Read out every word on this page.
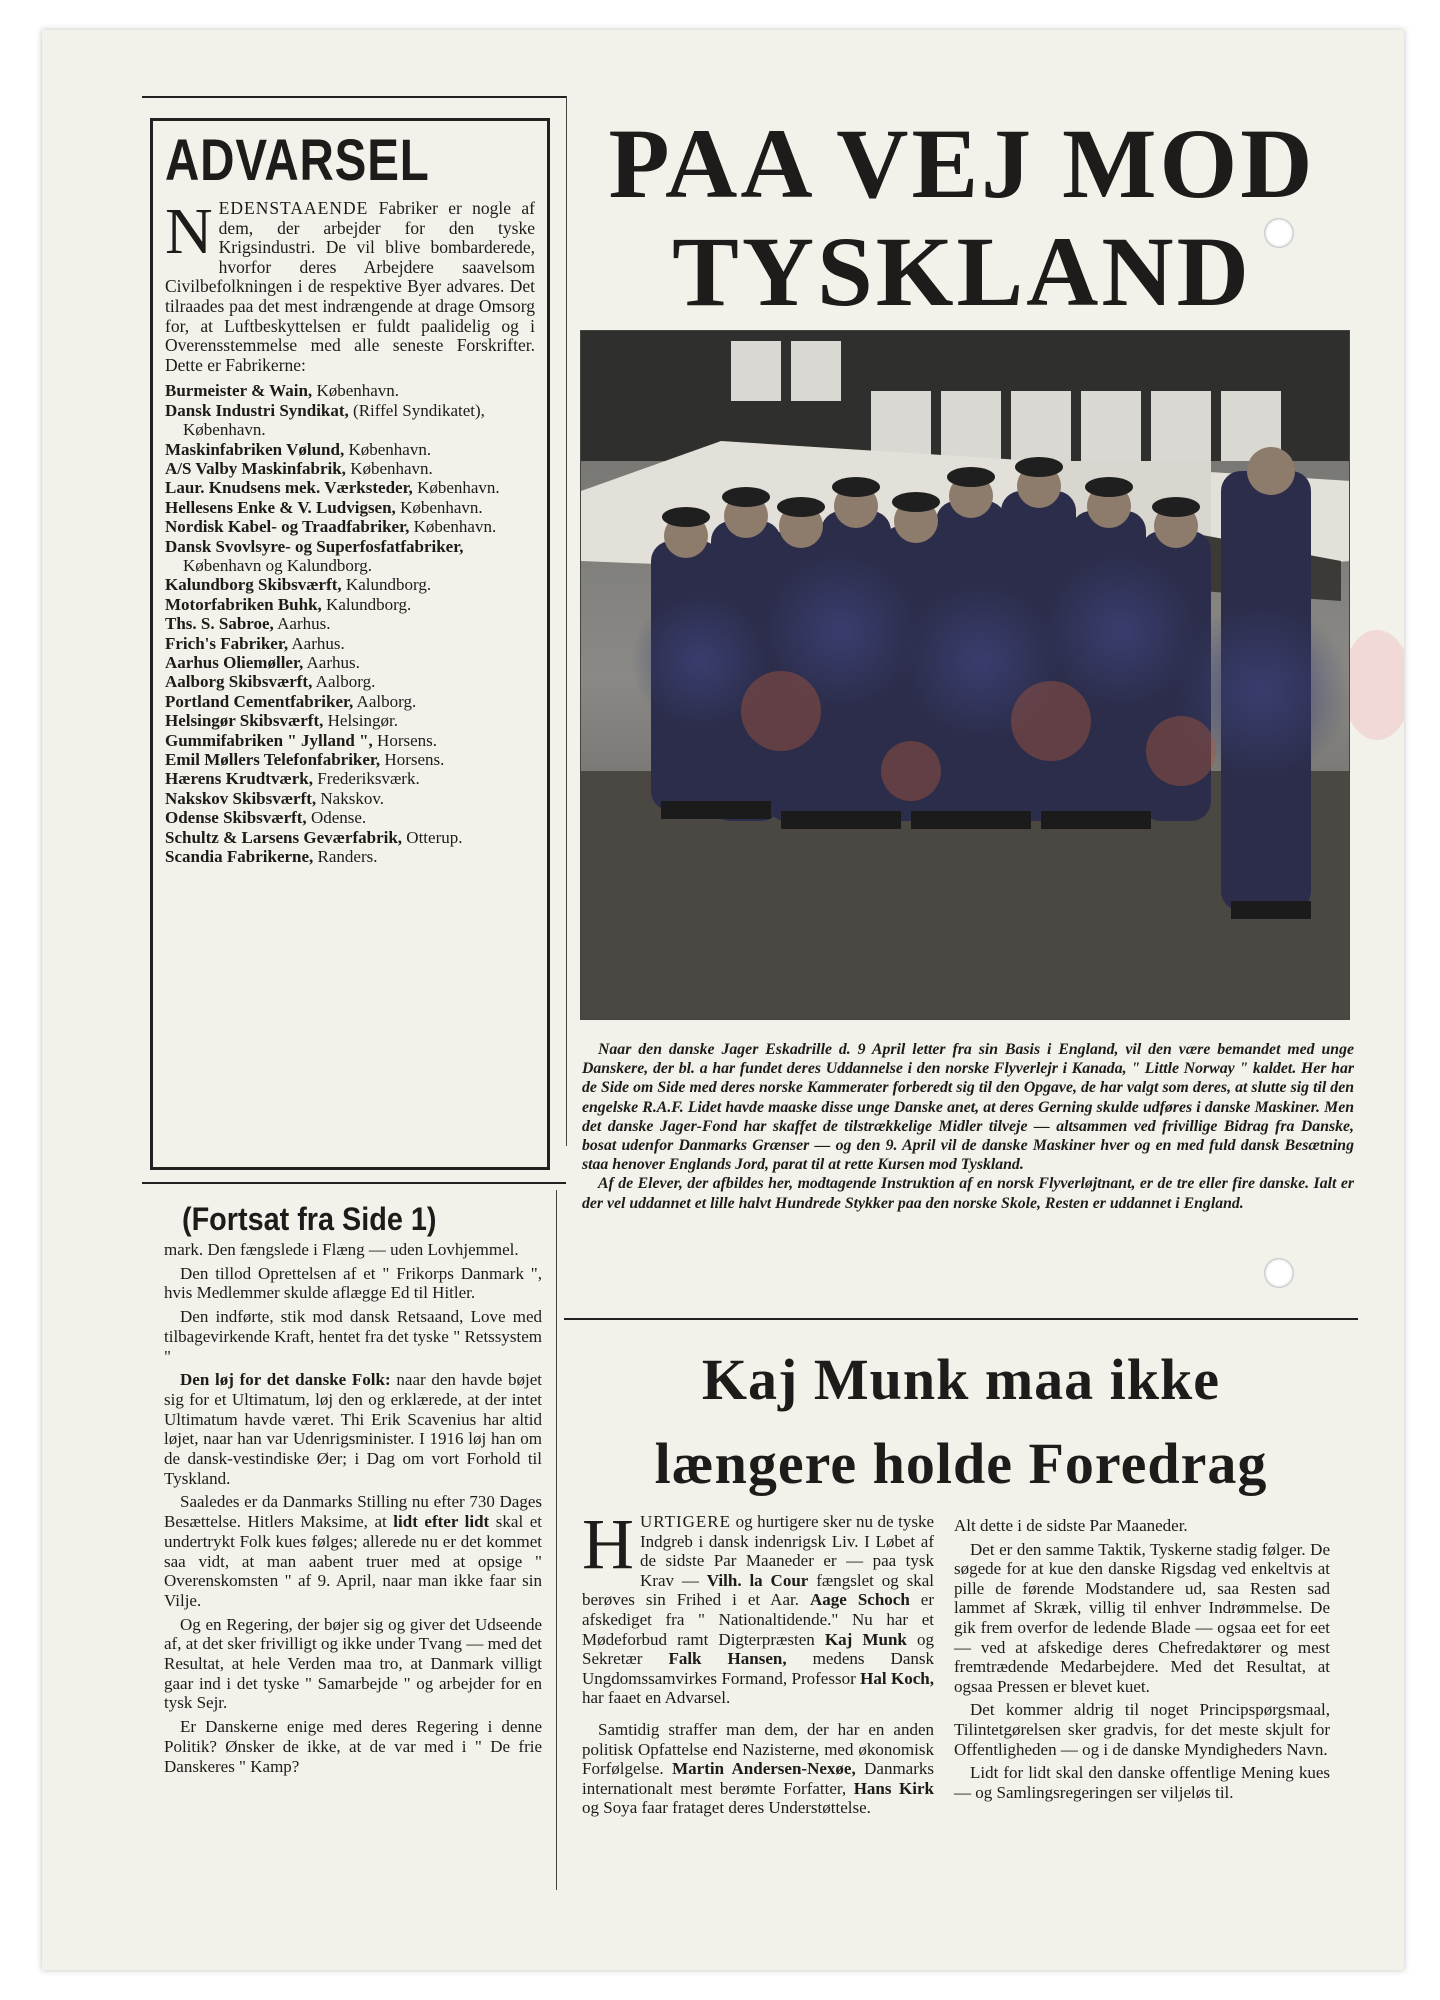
ADVARSEL

NEDENSTAAENDE Fabriker er nogle af dem, der arbejder for den tyske Krigsindustri. De vil blive bombarderede, hvorfor deres Arbejdere saavelsom Civilbefolkningen i de respektive Byer advares. Det tilraades paa det mest indrængende at drage Omsorg for, at Luftbeskyttelsen er fuldt paalidelig og i Overensstemmelse med alle seneste Forskrifter. Dette er Fabrikerne:

Burmeister & Wain, København.
Dansk Industri Syndikat, (Riffel Syndikatet), København.
Maskinfabriken Vølund, København.
A/S Valby Maskinfabrik, København.
Laur. Knudsens mek. Værksteder, København.
Hellesens Enke & V. Ludvigsen, København.
Nordisk Kabel- og Traadfabriker, København.
Dansk Svovlsyre- og Superfosfatfabriker, København og Kalundborg.
Kalundborg Skibsværft, Kalundborg.
Motorfabriken Buhk, Kalundborg.
Ths. S. Sabroe, Aarhus.
Frich's Fabriker, Aarhus.
Aarhus Oliemøller, Aarhus.
Aalborg Skibsværft, Aalborg.
Portland Cementfabriker, Aalborg.
Helsingør Skibsværft, Helsingør.
Gummifabriken " Jylland ", Horsens.
Emil Møllers Telefonfabriker, Horsens.
Hærens Krudtværk, Frederiksværk.
Nakskov Skibsværft, Nakskov.
Odense Skibsværft, Odense.
Schultz & Larsens Geværfabrik, Otterup.
Scandia Fabrikerne, Randers.
(Fortsat fra Side 1)

mark. Den fængslede i Flæng — uden Lovhjemmel.

Den tillod Oprettelsen af et " Frikorps Danmark ", hvis Medlemmer skulde aflægge Ed til Hitler.

Den indførte, stik mod dansk Retsaand, Love med tilbagevirkende Kraft, hentet fra det tyske " Retssystem "

Den løj for det danske Folk: naar den havde bøjet sig for et Ultimatum, løj den og erklærede, at der intet Ultimatum havde været. Thi Erik Scavenius har altid løjet, naar han var Udenrigsminister. I 1916 løj han om de dansk-vestindiske Øer; i Dag om vort Forhold til Tyskland.

Saaledes er da Danmarks Stilling nu efter 730 Dages Besættelse. Hitlers Maksime, at lidt efter lidt skal et undertrykt Folk kues følges; allerede nu er det kommet saa vidt, at man aabent truer med at opsige " Overenskomsten " af 9. April, naar man ikke faar sin Vilje.

Og en Regering, der bøjer sig og giver det Udseende af, at det sker frivilligt og ikke under Tvang — med det Resultat, at hele Verden maa tro, at Danmark villigt gaar ind i det tyske " Samarbejde " og arbejder for en tysk Sejr.

Er Danskerne enige med deres Regering i denne Politik? Ønsker de ikke, at de var med i " De frie Danskeres " Kamp?

PAA VEJ MOD
TYSKLAND

Naar den danske Jager Eskadrille d. 9 April letter fra sin Basis i England, vil den være bemandet med unge Danskere, der bl. a har fundet deres Uddannelse i den norske Flyverlejr i Kanada, " Little Norway " kaldet. Her har de Side om Side med deres norske Kammerater forberedt sig til den Opgave, de har valgt som deres, at slutte sig til den engelske R.A.F. Lidet havde maaske disse unge Danske anet, at deres Gerning skulde udføres i danske Maskiner. Men det danske Jager-Fond har skaffet de tilstrækkelige Midler tilveje — altsammen ved frivillige Bidrag fra Danske, bosat udenfor Danmarks Grænser — og den 9. April vil de danske Maskiner hver og en med fuld dansk Besætning staa henover Englands Jord, parat til at rette Kursen mod Tyskland.

Af de Elever, der afbildes her, modtagende Instruktion af en norsk Flyverløjtnant, er de tre eller fire danske. Ialt er der vel uddannet et lille halvt Hundrede Stykker paa den norske Skole, Resten er uddannet i England.

Kaj Munk maa ikke
længere holde Foredrag

HURTIGERE og hurtigere sker nu de tyske Indgreb i dansk indenrigsk Liv. I Løbet af de sidste Par Maaneder er — paa tysk Krav — Vilh. la Cour fængslet og skal berøves sin Frihed i et Aar. Aage Schoch er afskediget fra " Nationaltidende." Nu har et Mødeforbud ramt Digterpræsten Kaj Munk og Sekretær Falk Hansen, medens Dansk Ungdomssamvirkes Formand, Professor Hal Koch, har faaet en Advarsel.

Samtidig straffer man dem, der har en anden politisk Opfattelse end Nazisterne, med økonomisk Forfølgelse. Martin Andersen-Nexøe, Danmarks internationalt mest berømte Forfatter, Hans Kirk og Soya faar frataget deres Understøttelse.

Alt dette i de sidste Par Maaneder.

Det er den samme Taktik, Tyskerne stadig følger. De søgede for at kue den danske Rigsdag ved enkeltvis at pille de førende Modstandere ud, saa Resten sad lammet af Skræk, villig til enhver Indrømmelse. De gik frem overfor de ledende Blade — ogsaa eet for eet — ved at afskedige deres Chefredaktører og mest fremtrædende Medarbejdere. Med det Resultat, at ogsaa Pressen er blevet kuet.

Det kommer aldrig til noget Principspørgsmaal, Tilintetgørelsen sker gradvis, for det meste skjult for Offentligheden — og i de danske Myndigheders Navn.

Lidt for lidt skal den danske offentlige Mening kues — og Samlingsregeringen ser viljeløs til.
